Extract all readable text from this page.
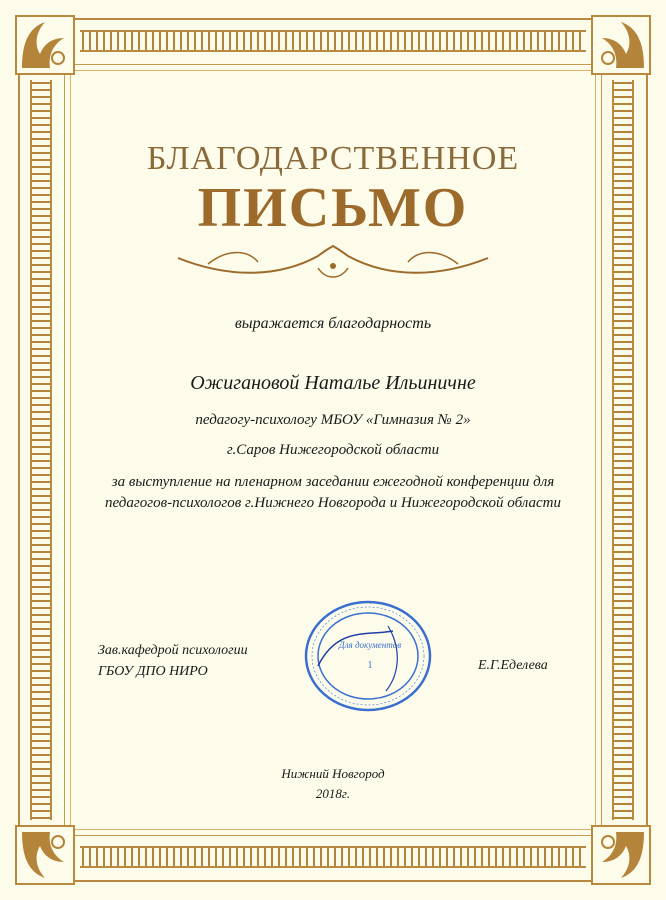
БЛАГОДАРСТВЕННОЕ
ПИСЬМО
выражается благодарность
Ожигановой Наталье Ильиничне
педагогу-психологу МБОУ «Гимназия № 2»
г.Саров Нижегородской области
за выступление на пленарном заседании ежегодной конференции для педагогов-психологов г.Нижнего Новгорода и Нижегородской области
Зав.кафедрой психологии
ГБОУ ДПО НИРО
Для документов
1	Е.Г.Еделева
Нижний Новгород
2018г.
